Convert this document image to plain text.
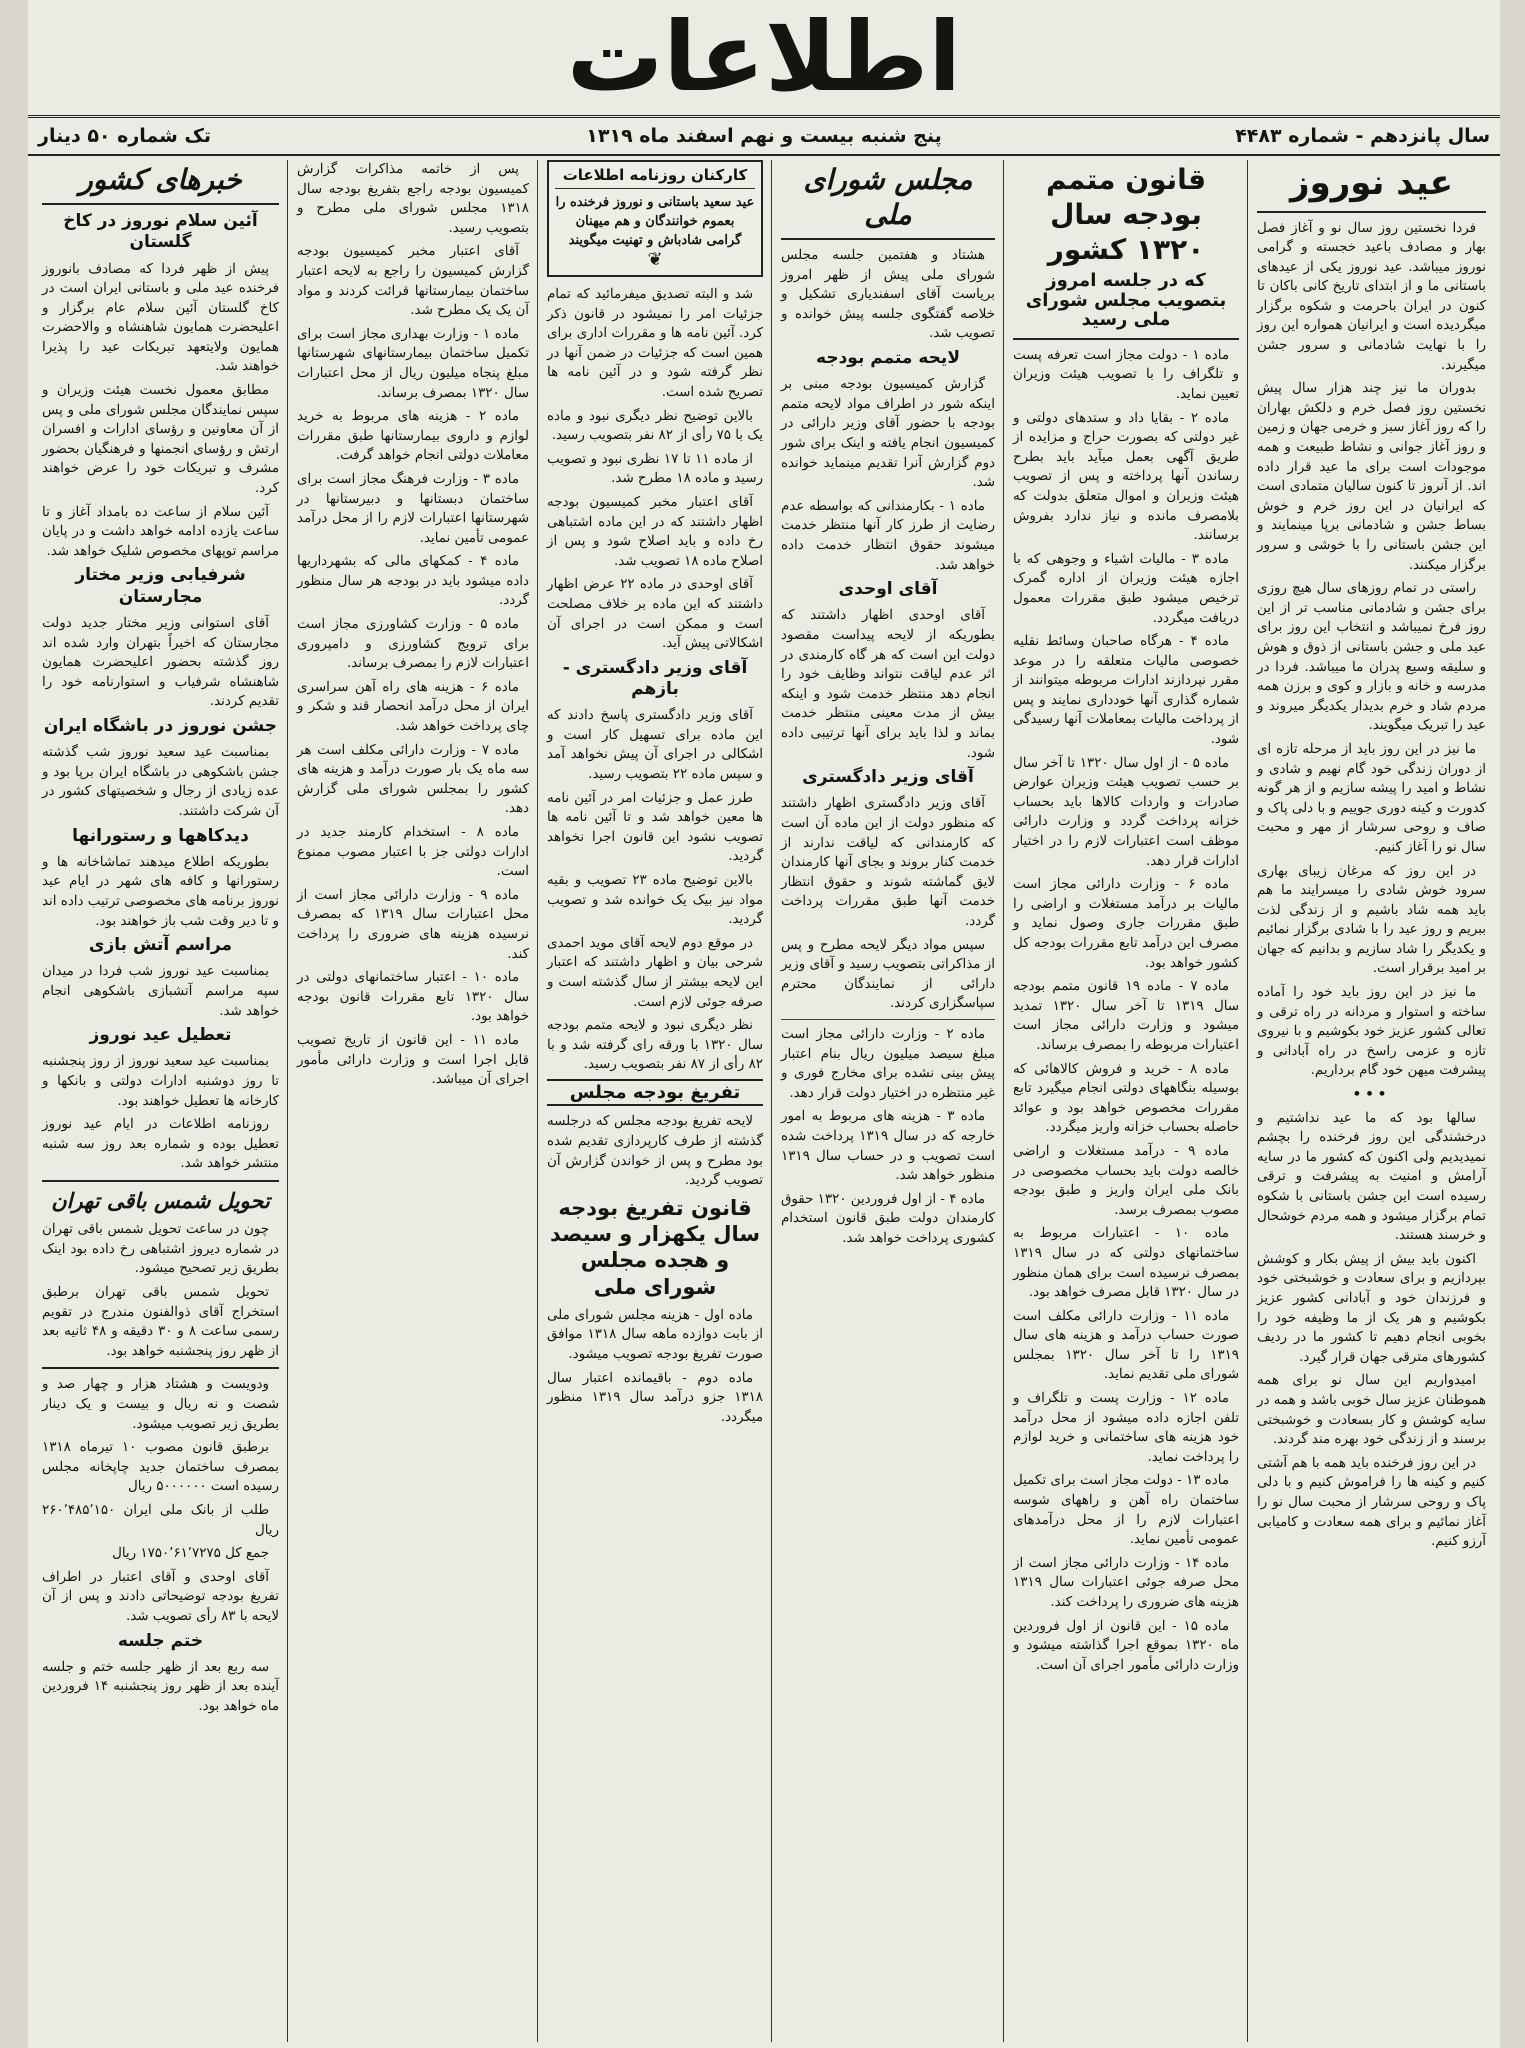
اطلاعات
سال پانزدهم - شماره ۴۴۸۳
پنج شنبه بیست و نهم اسفند ماه ۱۳۱۹
تک شماره ۵۰ دینار
عید نوروز

فردا نخستین روز سال نو و آغاز فصل بهار و مصادف باعید خجسته و گرامی نوروز میباشد. عید نوروز یکی از عیدهای باستانی ما و از ابتدای تاریخ کانی باکان تا کنون در ایران باحرمت و شکوه برگزار میگردیده است و ایرانیان همواره این روز را با نهایت شادمانی و سرور جشن میگیرند.

بدوران ما نیز چند هزار سال پیش نخستین روز فصل خرم و دلکش بهاران را که روز آغاز سبز و خرمی جهان و زمین و روز آغاز جوانی و نشاط طبیعت و همه موجودات است برای ما عید قرار داده اند. از آنروز تا کنون سالیان متمادی است که ایرانیان در این روز خرم و خوش بساط جشن و شادمانی برپا مینمایند و این جشن باستانی را با خوشی و سرور برگزار میکنند.

راستی در تمام روزهای سال هیچ روزی برای جشن و شادمانی مناسب تر از این روز فرخ نمیباشد و انتخاب این روز برای عید ملی و جشن باستانی از ذوق و هوش و سلیقه وسیع پدران ما میباشد. فردا در مدرسه و خانه و بازار و کوی و برزن همه مردم شاد و خرم بدیدار یکدیگر میروند و عید را تبریک میگویند.

ما نیز در این روز باید از مرحله تازه ای از دوران زندگی خود گام نهیم و شادی و نشاط و امید را پیشه سازیم و از هر گونه کدورت و کینه دوری جوییم و با دلی پاک و صاف و روحی سرشار از مهر و محبت سال نو را آغاز کنیم.

در این روز که مرغان زیبای بهاری سرود خوش شادی را میسرایند ما هم باید همه شاد باشیم و از زندگی لذت ببریم و روز عید را با شادی برگزار نمائیم و یکدیگر را شاد سازیم و بدانیم که جهان بر امید برقرار است.

ما نیز در این روز باید خود را آماده ساخته و استوار و مردانه در راه ترقی و تعالی کشور عزیز خود بکوشیم و با نیروی تازه و عزمی راسخ در راه آبادانی و پیشرفت میهن خود گام برداریم.

•••

سالها بود که ما عید نداشتیم و درخشندگی این روز فرخنده را بچشم نمیدیدیم ولی اکنون که کشور ما در سایه آرامش و امنیت به پیشرفت و ترقی رسیده است این جشن باستانی با شکوه تمام برگزار میشود و همه مردم خوشحال و خرسند هستند.

اکنون باید بیش از پیش بکار و کوشش بپردازیم و برای سعادت و خوشبختی خود و فرزندان خود و آبادانی کشور عزیز بکوشیم و هر یک از ما وظیفه خود را بخوبی انجام دهیم تا کشور ما در ردیف کشورهای مترقی جهان قرار گیرد.

امیدواریم این سال نو برای همه هموطنان عزیز سال خوبی باشد و همه در سایه کوشش و کار بسعادت و خوشبختی برسند و از زندگی خود بهره مند گردند.

در این روز فرخنده باید همه با هم آشتی کنیم و کینه ها را فراموش کنیم و با دلی پاک و روحی سرشار از محبت سال نو را آغاز نمائیم و برای همه سعادت و کامیابی آرزو کنیم.

قانون متمم بودجه سال ۱۳۲۰ کشور
که در جلسه امروز بتصویب مجلس شورای ملی رسید

ماده ۱ - دولت مجاز است تعرفه پست و تلگراف را با تصویب هیئت وزیران تعیین نماید.

ماده ۲ - بقایا داد و ستدهای دولتی و غیر دولتی که بصورت حراج و مزایده از طریق آگهی بعمل میآید باید بطرح رساندن آنها پرداخته و پس از تصویب هیئت وزیران و اموال متعلق بدولت که بلامصرف مانده و نیاز ندارد بفروش برسانند.

ماده ۳ - مالیات اشیاء و وجوهی که با اجازه هیئت وزیران از اداره گمرک ترخیص میشود طبق مقررات معمول دریافت میگردد.

ماده ۴ - هرگاه صاحبان وسائط نقلیه خصوصی مالیات متعلقه را در موعد مقرر نپردازند ادارات مربوطه میتوانند از شماره گذاری آنها خودداری نمایند و پس از پرداخت مالیات بمعاملات آنها رسیدگی شود.

ماده ۵ - از اول سال ۱۳۲۰ تا آخر سال بر حسب تصویب هیئت وزیران عوارض صادرات و واردات کالاها باید بحساب خزانه پرداخت گردد و وزارت دارائی موظف است اعتبارات لازم را در اختیار ادارات قرار دهد.

ماده ۶ - وزارت دارائی مجاز است مالیات بر درآمد مستغلات و اراضی را طبق مقررات جاری وصول نماید و مصرف این درآمد تابع مقررات بودجه کل کشور خواهد بود.

ماده ۷ - ماده ۱۹ قانون متمم بودجه سال ۱۳۱۹ تا آخر سال ۱۳۲۰ تمدید میشود و وزارت دارائی مجاز است اعتبارات مربوطه را بمصرف برساند.

ماده ۸ - خرید و فروش کالاهائی که بوسیله بنگاههای دولتی انجام میگیرد تابع مقررات مخصوص خواهد بود و عوائد حاصله بحساب خزانه واریز میگردد.

ماده ۹ - درآمد مستغلات و اراضی خالصه دولت باید بحساب مخصوصی در بانک ملی ایران واریز و طبق بودجه مصوب بمصرف برسد.

ماده ۱۰ - اعتبارات مربوط به ساختمانهای دولتی که در سال ۱۳۱۹ بمصرف نرسیده است برای همان منظور در سال ۱۳۲۰ قابل مصرف خواهد بود.

ماده ۱۱ - وزارت دارائی مکلف است صورت حساب درآمد و هزینه های سال ۱۳۱۹ را تا آخر سال ۱۳۲۰ بمجلس شورای ملی تقدیم نماید.

ماده ۱۲ - وزارت پست و تلگراف و تلفن اجازه داده میشود از محل درآمد خود هزینه های ساختمانی و خرید لوازم را پرداخت نماید.

ماده ۱۳ - دولت مجاز است برای تکمیل ساختمان راه آهن و راههای شوسه اعتبارات لازم را از محل درآمدهای عمومی تأمین نماید.

ماده ۱۴ - وزارت دارائی مجاز است از محل صرفه جوئی اعتبارات سال ۱۳۱۹ هزینه های ضروری را پرداخت کند.

ماده ۱۵ - این قانون از اول فروردین ماه ۱۳۲۰ بموقع اجرا گذاشته میشود و وزارت دارائی مأمور اجرای آن است.

مجلس شورای ملی

هشتاد و هفتمین جلسه مجلس شورای ملی پیش از ظهر امروز بریاست آقای اسفندیاری تشکیل و خلاصه گفتگوی جلسه پیش خوانده و تصویب شد.

لایحه متمم بودجه

گزارش کمیسیون بودجه مبنی بر اینکه شور در اطراف مواد لایحه متمم بودجه با حضور آقای وزیر دارائی در کمیسیون انجام یافته و اینک برای شور دوم گزارش آنرا تقدیم مینماید خوانده شد.

ماده ۱ - بکارمندانی که بواسطه عدم رضایت از طرز کار آنها منتظر خدمت میشوند حقوق انتظار خدمت داده خواهد شد.

آقای اوحدی

آقای اوحدی اظهار داشتند که بطوریکه از لایحه پیداست مقصود دولت این است که هر گاه کارمندی در اثر عدم لیاقت نتواند وظایف خود را انجام دهد منتظر خدمت شود و اینکه بیش از مدت معینی منتظر خدمت بماند و لذا باید برای آنها ترتیبی داده شود.

آقای وزیر دادگستری

آقای وزیر دادگستری اظهار داشتند که منظور دولت از این ماده آن است که کارمندانی که لیاقت ندارند از خدمت کنار بروند و بجای آنها کارمندان لایق گماشته شوند و حقوق انتظار خدمت آنها طبق مقررات پرداخت گردد.

سپس مواد دیگر لایحه مطرح و پس از مذاکراتی بتصویب رسید و آقای وزیر دارائی از نمایندگان محترم سپاسگزاری کردند.

ماده ۲ - وزارت دارائی مجاز است مبلغ سیصد میلیون ریال بنام اعتبار پیش بینی نشده برای مخارج فوری و غیر منتظره در اختیار دولت قرار دهد.

ماده ۳ - هزینه های مربوط به امور خارجه که در سال ۱۳۱۹ پرداخت شده است تصویب و در حساب سال ۱۳۱۹ منظور خواهد شد.

ماده ۴ - از اول فروردین ۱۳۲۰ حقوق کارمندان دولت طبق قانون استخدام کشوری پرداخت خواهد شد.

کارکنان روزنامه اطلاعات
عید سعید باستانی و نوروز فرخنده را
بعموم خوانندگان و هم میهنان
گرامی شادباش و تهنیت میگویند
❦

شد و البته تصدیق میفرمائید که تمام جزئیات امر را نمیشود در قانون ذکر کرد. آئین نامه ها و مقررات اداری برای همین است که جزئیات در ضمن آنها در نظر گرفته شود و در آئین نامه ها تصریح شده است.

بالاین توضیح نظر دیگری نبود و ماده یک با ۷۵ رأی از ۸۲ نفر بتصویب رسید.

از ماده ۱۱ تا ۱۷ نظری نبود و تصویب رسید و ماده ۱۸ مطرح شد.

آقای اعتبار مخبر کمیسیون بودجه اظهار داشتند که در این ماده اشتباهی رخ داده و باید اصلاح شود و پس از اصلاح ماده ۱۸ تصویب شد.

آقای اوحدی در ماده ۲۲ عرض اظهار داشتند که این ماده بر خلاف مصلحت است و ممکن است در اجرای آن اشکالاتی پیش آید.

آقای وزیر دادگستری - بازهم

آقای وزیر دادگستری پاسخ دادند که این ماده برای تسهیل کار است و اشکالی در اجرای آن پیش نخواهد آمد و سپس ماده ۲۲ بتصویب رسید.

طرز عمل و جزئیات امر در آئین نامه ها معین خواهد شد و تا آئین نامه ها تصویب نشود این قانون اجرا نخواهد گردید.

بالاین توضیح ماده ۲۳ تصویب و بقیه مواد نیز بیک یک خوانده شد و تصویب گردید.

در موقع دوم لایحه آقای موید احمدی شرحی بیان و اظهار داشتند که اعتبار این لایحه بیشتر از سال گذشته است و صرفه جوئی لازم است.

نظر دیگری نبود و لایحه متمم بودجه سال ۱۳۲۰ با ورقه رای گرفته شد و با ۸۲ رأی از ۸۷ نفر بتصویب رسید.

تفریغ بودجه مجلس

لایحه تفریغ بودجه مجلس که درجلسه گذشته از طرف کارپردازی تقدیم شده بود مطرح و پس از خواندن گزارش آن تصویب گردید.

قانون تفریغ بودجه سال یکهزار و سیصد و هجده مجلس شورای ملی

ماده اول - هزینه مجلس شورای ملی از بابت دوازده ماهه سال ۱۳۱۸ موافق صورت تفریغ بودجه تصویب میشود.

ماده دوم - باقیمانده اعتبار سال ۱۳۱۸ جزو درآمد سال ۱۳۱۹ منظور میگردد.

پس از خاتمه مذاکرات گزارش کمیسیون بودجه راجع بتفریغ بودجه سال ۱۳۱۸ مجلس شورای ملی مطرح و بتصویب رسید.

آقای اعتبار مخبر کمیسیون بودجه گزارش کمیسیون را راجع به لایحه اعتبار ساختمان بیمارستانها قرائت کردند و مواد آن یک یک مطرح شد.

ماده ۱ - وزارت بهداری مجاز است برای تکمیل ساختمان بیمارستانهای شهرستانها مبلغ پنجاه میلیون ریال از محل اعتبارات سال ۱۳۲۰ بمصرف برساند.

ماده ۲ - هزینه های مربوط به خرید لوازم و داروی بیمارستانها طبق مقررات معاملات دولتی انجام خواهد گرفت.

ماده ۳ - وزارت فرهنگ مجاز است برای ساختمان دبستانها و دبیرستانها در شهرستانها اعتبارات لازم را از محل درآمد عمومی تأمین نماید.

ماده ۴ - کمکهای مالی که بشهرداریها داده میشود باید در بودجه هر سال منظور گردد.

ماده ۵ - وزارت کشاورزی مجاز است برای ترویج کشاورزی و دامپروری اعتبارات لازم را بمصرف برساند.

ماده ۶ - هزینه های راه آهن سراسری ایران از محل درآمد انحصار قند و شکر و چای پرداخت خواهد شد.

ماده ۷ - وزارت دارائی مکلف است هر سه ماه یک بار صورت درآمد و هزینه های کشور را بمجلس شورای ملی گزارش دهد.

ماده ۸ - استخدام کارمند جدید در ادارات دولتی جز با اعتبار مصوب ممنوع است.

ماده ۹ - وزارت دارائی مجاز است از محل اعتبارات سال ۱۳۱۹ که بمصرف نرسیده هزینه های ضروری را پرداخت کند.

ماده ۱۰ - اعتبار ساختمانهای دولتی در سال ۱۳۲۰ تابع مقررات قانون بودجه خواهد بود.

ماده ۱۱ - این قانون از تاریخ تصویب قابل اجرا است و وزارت دارائی مأمور اجرای آن میباشد.

خبرهای کشور
آئین سلام نوروز در کاخ گلستان

پیش از ظهر فردا که مصادف بانوروز فرخنده عید ملی و باستانی ایران است در کاخ گلستان آئین سلام عام برگزار و اعلیحضرت همایون شاهنشاه و والاحضرت همایون ولایتعهد تبریکات عید را پذیرا خواهند شد.

مطابق معمول نخست هیئت وزیران و سپس نمایندگان مجلس شورای ملی و پس از آن معاونین و رؤسای ادارات و افسران ارتش و رؤسای انجمنها و فرهنگیان بحضور مشرف و تبریکات خود را عرض خواهند کرد.

آئین سلام از ساعت ده بامداد آغاز و تا ساعت یازده ادامه خواهد داشت و در پایان مراسم توپهای مخصوص شلیک خواهد شد.

شرفیابی وزیر مختار مجارستان

آقای استوانی وزیر مختار جدید دولت مجارستان که اخیراً بتهران وارد شده اند روز گذشته بحضور اعلیحضرت همایون شاهنشاه شرفیاب و استوارنامه خود را تقدیم کردند.

جشن نوروز در باشگاه ایران

بمناسبت عید سعید نوروز شب گذشته جشن باشکوهی در باشگاه ایران برپا بود و عده زیادی از رجال و شخصیتهای کشور در آن شرکت داشتند.

دیدکاهها و رستورانها

بطوریکه اطلاع میدهند تماشاخانه ها و رستورانها و کافه های شهر در ایام عید نوروز برنامه های مخصوصی ترتیب داده اند و تا دیر وقت شب باز خواهند بود.

مراسم آتش بازی

بمناسبت عید نوروز شب فردا در میدان سپه مراسم آتشبازی باشکوهی انجام خواهد شد.

تعطیل عید نوروز

بمناسبت عید سعید نوروز از روز پنجشنبه تا روز دوشنبه ادارات دولتی و بانکها و کارخانه ها تعطیل خواهند بود.

روزنامه اطلاعات در ایام عید نوروز تعطیل بوده و شماره بعد روز سه شنبه منتشر خواهد شد.

تحویل شمس باقی تهران

چون در ساعت تحویل شمس باقی تهران در شماره دیروز اشتباهی رخ داده بود اینک بطریق زیر تصحیح میشود.

تحویل شمس باقی تهران برطبق استخراج آقای ذوالفنون مندرج در تقویم رسمی ساعت ۸ و ۳۰ دقیقه و ۴۸ ثانیه بعد از ظهر روز پنجشنبه خواهد بود.

ودویست و هشتاد هزار و چهار صد و شصت و نه ریال و بیست و یک دینار بطریق زیر تصویب میشود.

برطبق قانون مصوب ۱۰ تیرماه ۱۳۱۸ بمصرف ساختمان جدید چاپخانه مجلس رسیده است ۵۰۰۰۰۰۰ ریال

طلب از بانک ملی ایران ۲۶۰٬۴۸۵٬۱۵۰ ریال

جمع کل ۱۷۵۰٬۶۱٬۷۲۷۵ ریال

آقای اوحدی و آقای اعتبار در اطراف تفریغ بودجه توضیحاتی دادند و پس از آن لایحه با ۸۳ رأی تصویب شد.

ختم جلسه

سه ربع بعد از ظهر جلسه ختم و جلسه آینده بعد از ظهر روز پنجشنبه ۱۴ فروردین ماه خواهد بود.
